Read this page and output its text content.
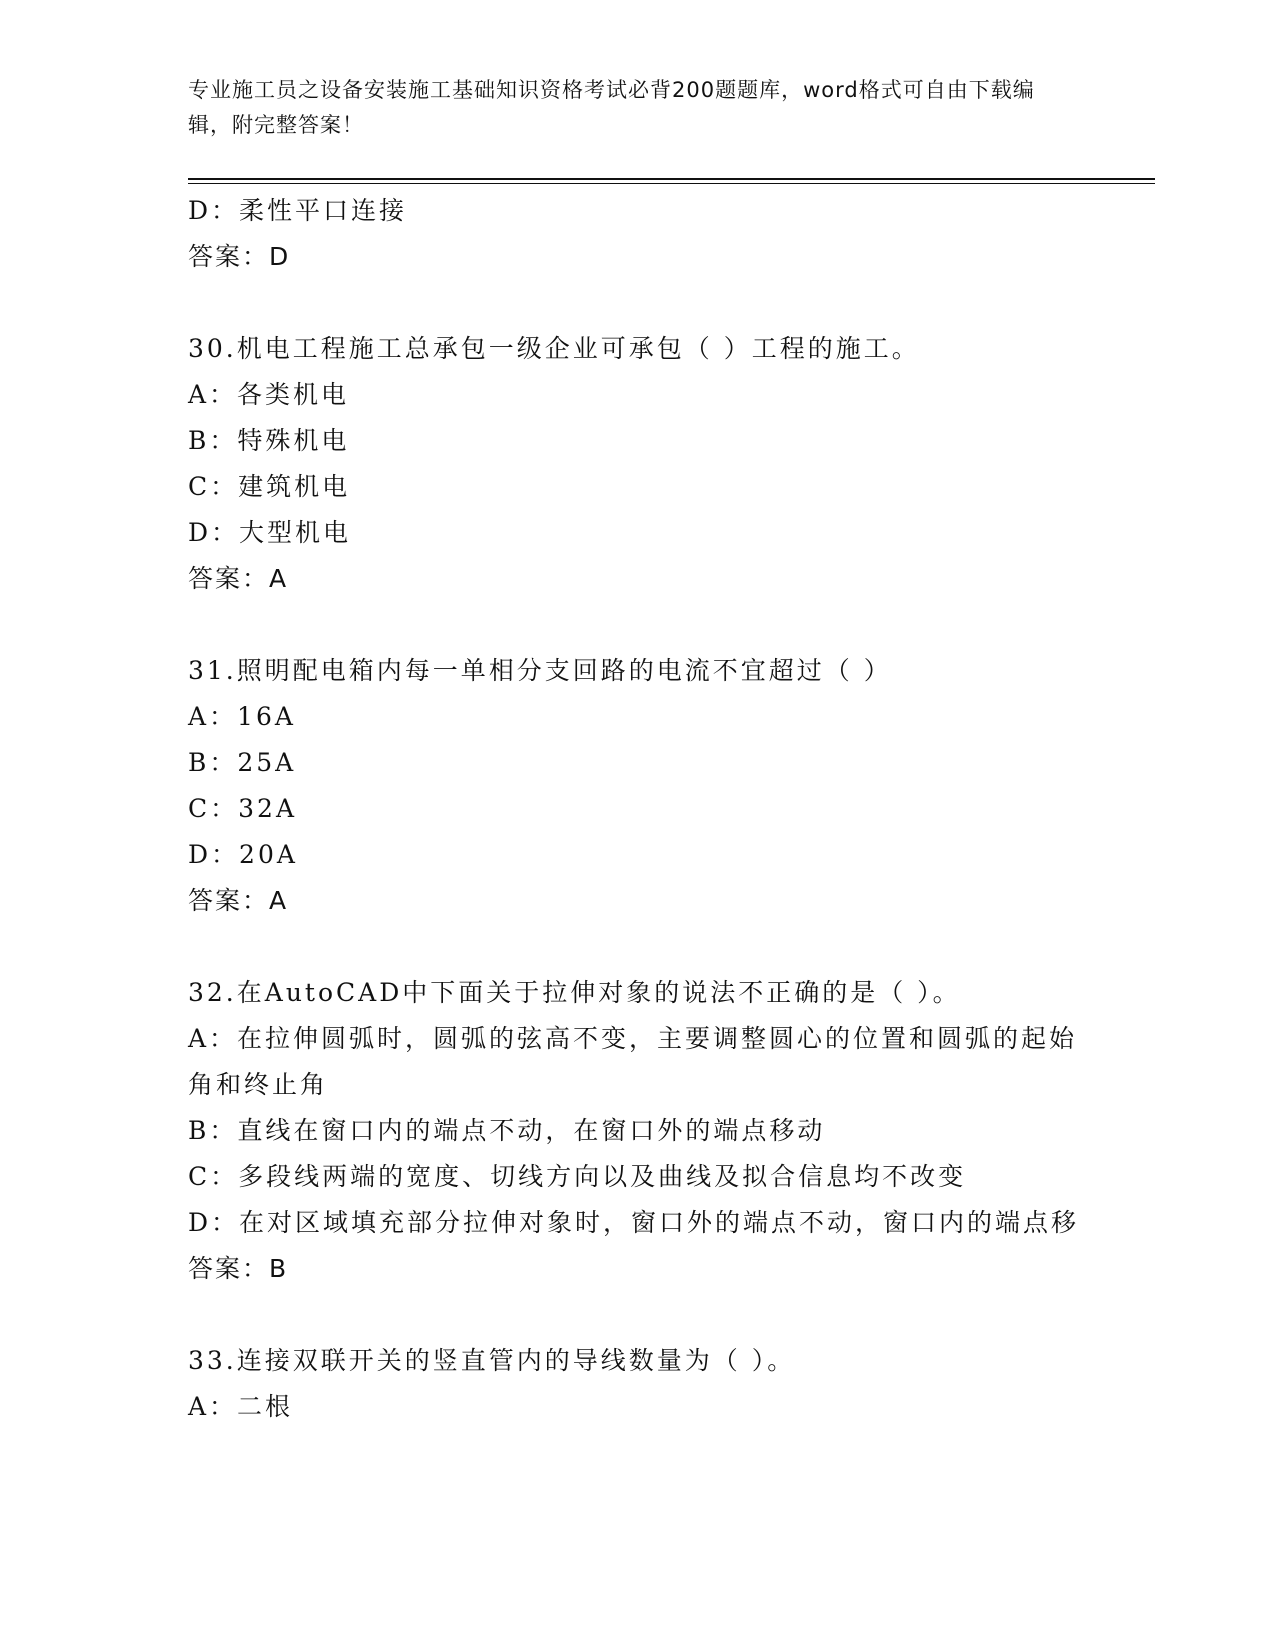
专业施工员之设备安装施工基础知识资格考试必背200题题库，word格式可自由下载编辑，附完整答案！
D：柔性平口连接
答案：D
30.机电工程施工总承包一级企业可承包（ ）工程的施工。
A：各类机电
B：特殊机电
C：建筑机电
D：大型机电
答案：A
31.照明配电箱内每一单相分支回路的电流不宜超过（ ）
A：16A
B：25A
C：32A
D：20A
答案：A
32.在AutoCAD中下面关于拉伸对象的说法不正确的是（ ）。
A：在拉伸圆弧时，圆弧的弦高不变，主要调整圆心的位置和圆弧的起始角和终止角
B：直线在窗口内的端点不动，在窗口外的端点移动
C：多段线两端的宽度、切线方向以及曲线及拟合信息均不改变
D：在对区域填充部分拉伸对象时，窗口外的端点不动，窗口内的端点移
答案：B
33.连接双联开关的竖直管内的导线数量为（ ）。
A：二根
